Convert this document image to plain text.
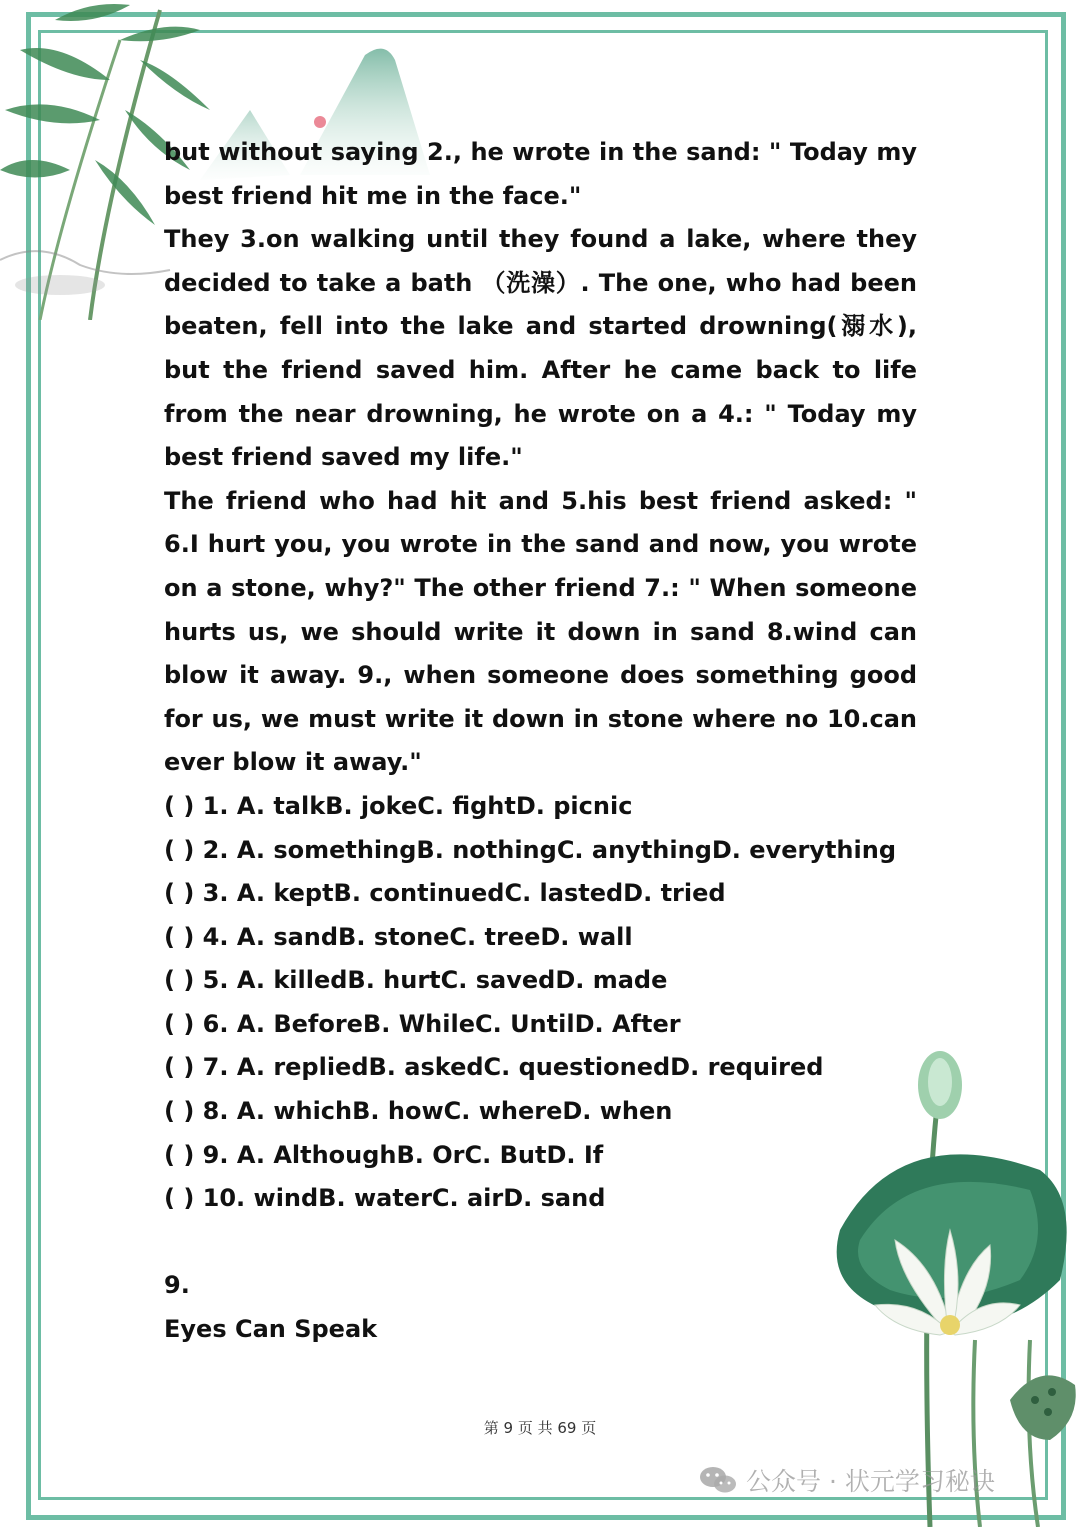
but without saying 2., he wrote in the sand: " Today my best friend hit me in the face."

They 3.on walking until they found a lake, where they decided to take a bath （洗澡）. The one, who had been beaten, fell into the lake and started drowning(溺水), but the friend saved him. After he came back to life from the near drowning, he wrote on a 4.: " Today my best friend saved my life."

The friend who had hit and 5.his best friend asked: " 6.I hurt you, you wrote in the sand and now, you wrote on a stone, why?" The other friend 7.: " When someone hurts us, we should write it down in sand 8.wind can blow it away. 9., when someone does something good for us, we must write it down in stone where no 10.can ever blow it away."

( ) 1. A. talkB. jokeC. fightD. picnic

( ) 2. A. somethingB. nothingC. anythingD. everything

( ) 3. A. keptB. continuedC. lastedD. tried

( ) 4. A. sandB. stoneC. treeD. wall

( ) 5. A. killedB. hurtC. savedD. made

( ) 6. A. BeforeB. WhileC. UntilD. After

( ) 7. A. repliedB. askedC. questionedD. required

( ) 8. A. whichB. howC. whereD. when

( ) 9. A. AlthoughB. OrC. ButD. If

( ) 10. windB. waterC. airD. sand

9.

Eyes Can Speak

第 9 页 共 69 页
公众号 · 状元学习秘诀
